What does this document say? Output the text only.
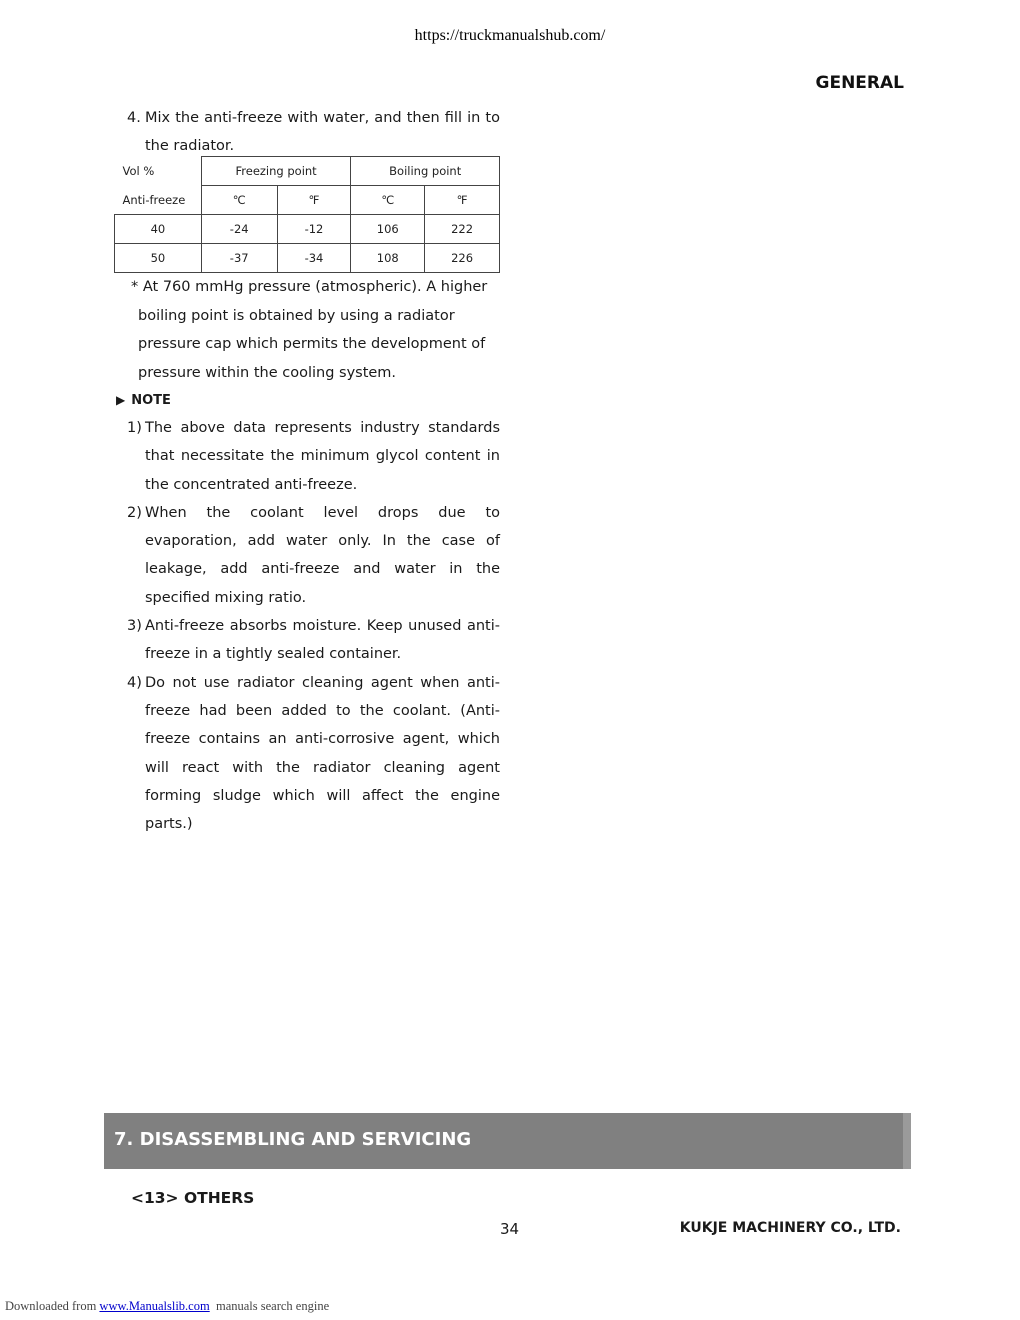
https://truckmanualshub.com/
GENERAL
4. Mix the anti-freeze with water, and then fill in to the radiator.
Vol %	Freezing point		Boiling point	
Anti-freeze	℃	℉	℃	℉
40	-24	-12	106	222
50	-37	-34	108	226
* At 760 mmHg pressure (atmospheric). A higher
boiling point is obtained by using a radiator
pressure cap which permits the development of
pressure within the cooling system.
▶ NOTE
1) The above data represents industry standards that necessitate the minimum glycol content in the concentrated anti-freeze.
2) When the coolant level drops due to evaporation, add water only. In the case of leakage, add anti-freeze and water in the specified mixing ratio.
3) Anti-freeze absorbs moisture. Keep unused anti-freeze in a tightly sealed container.
4) Do not use radiator cleaning agent when anti-freeze had been added to the coolant. (Anti-freeze contains an anti-corrosive agent, which will react with the radiator cleaning agent forming sludge which will affect the engine parts.)
7. DISASSEMBLING AND SERVICING
<13> OTHERS
34	KUKJE MACHINERY CO., LTD.
Downloaded from www.Manualslib.com manuals search engine
